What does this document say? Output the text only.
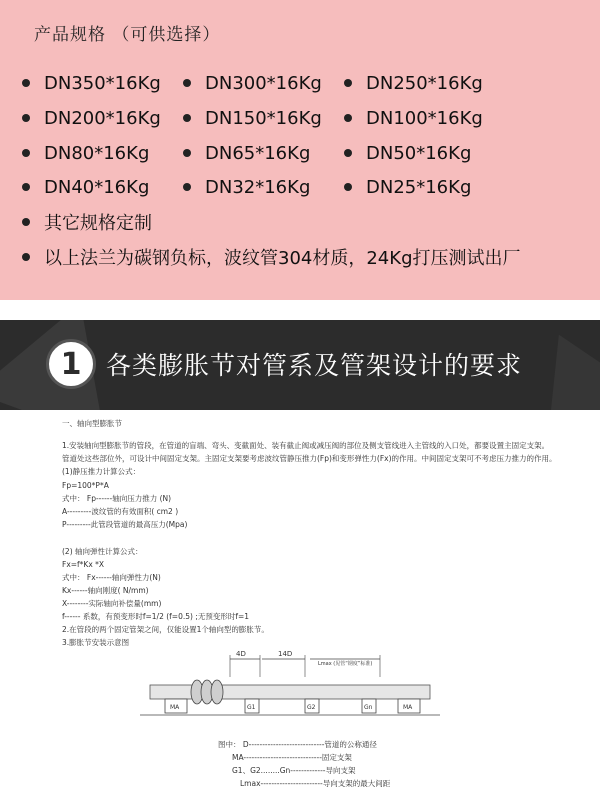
产品规格 （可供选择）
DN350*16Kg DN300*16Kg DN250*16Kg
DN200*16Kg DN150*16Kg DN100*16Kg
DN80*16Kg	DN65*16Kg	DN50*16Kg
DN40*16Kg	DN32*16Kg	DN25*16Kg
其它规格定制
以上法兰为碳钢负标，波纹管304材质，24Kg打压测试出厂
1 各类膨胀节对管系及管架设计的要求
一、轴向型膨胀节
1.安装轴向型膨胀节的管段，在管道的盲端、弯头、变截面处、装有截止阀或减压阀的部位及侧支管线进入主管线的入口处，都要设置主固定支架。
管道处这些部位外，可设计中间固定支架。主固定支架要考虑波纹管静压推力(Fp)和变形弹性力(Fx)的作用。中间固定支架可不考虑压力推力的作用。
(1)静压推力计算公式：
Fp=100*P*A
式中： Fp------轴向压力推力 (N)
A---------波纹管的有效面积( cm2 )
P---------此管段管道的最高压力(Mpa)
(2) 轴向弹性计算公式：
Fx=f*Kx *X
式中： Fx------轴向弹性力(N)
Kx------轴向刚度( N/mm)
X--------实际轴向补偿量(mm)
f------ 系数，有预变形时f=1/2 (f=0.5) ;无预变形时f=1
2.在管段的两个固定管架之间，仅能设置1个轴向型的膨胀节。
3.膨胀节安装示意图
4D	14D
Lmax (见管“钢度”标准)
MA	G1	G2	Gn	MA
图中： D----------------------------管道的公称通径
MA-----------------------------固定支架
G1、G2........Gn-------------导向支架
Lmax-----------------------导向支架的最大间距
